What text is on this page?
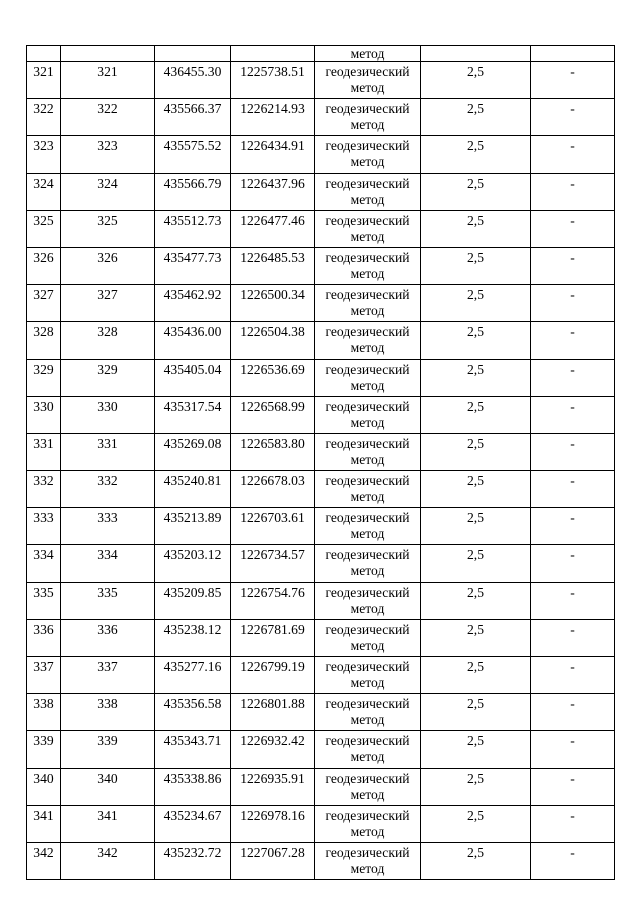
				метод		
321	321	436455.30	1225738.51	геодезический
метод	2,5	-
322	322	435566.37	1226214.93	геодезический
метод	2,5	-
323	323	435575.52	1226434.91	геодезический
метод	2,5	-
324	324	435566.79	1226437.96	геодезический
метод	2,5	-
325	325	435512.73	1226477.46	геодезический
метод	2,5	-
326	326	435477.73	1226485.53	геодезический
метод	2,5	-
327	327	435462.92	1226500.34	геодезический
метод	2,5	-
328	328	435436.00	1226504.38	геодезический
метод	2,5	-
329	329	435405.04	1226536.69	геодезический
метод	2,5	-
330	330	435317.54	1226568.99	геодезический
метод	2,5	-
331	331	435269.08	1226583.80	геодезический
метод	2,5	-
332	332	435240.81	1226678.03	геодезический
метод	2,5	-
333	333	435213.89	1226703.61	геодезический
метод	2,5	-
334	334	435203.12	1226734.57	геодезический
метод	2,5	-
335	335	435209.85	1226754.76	геодезический
метод	2,5	-
336	336	435238.12	1226781.69	геодезический
метод	2,5	-
337	337	435277.16	1226799.19	геодезический
метод	2,5	-
338	338	435356.58	1226801.88	геодезический
метод	2,5	-
339	339	435343.71	1226932.42	геодезический
метод	2,5	-
340	340	435338.86	1226935.91	геодезический
метод	2,5	-
341	341	435234.67	1226978.16	геодезический
метод	2,5	-
342	342	435232.72	1227067.28	геодезический
метод	2,5	-
